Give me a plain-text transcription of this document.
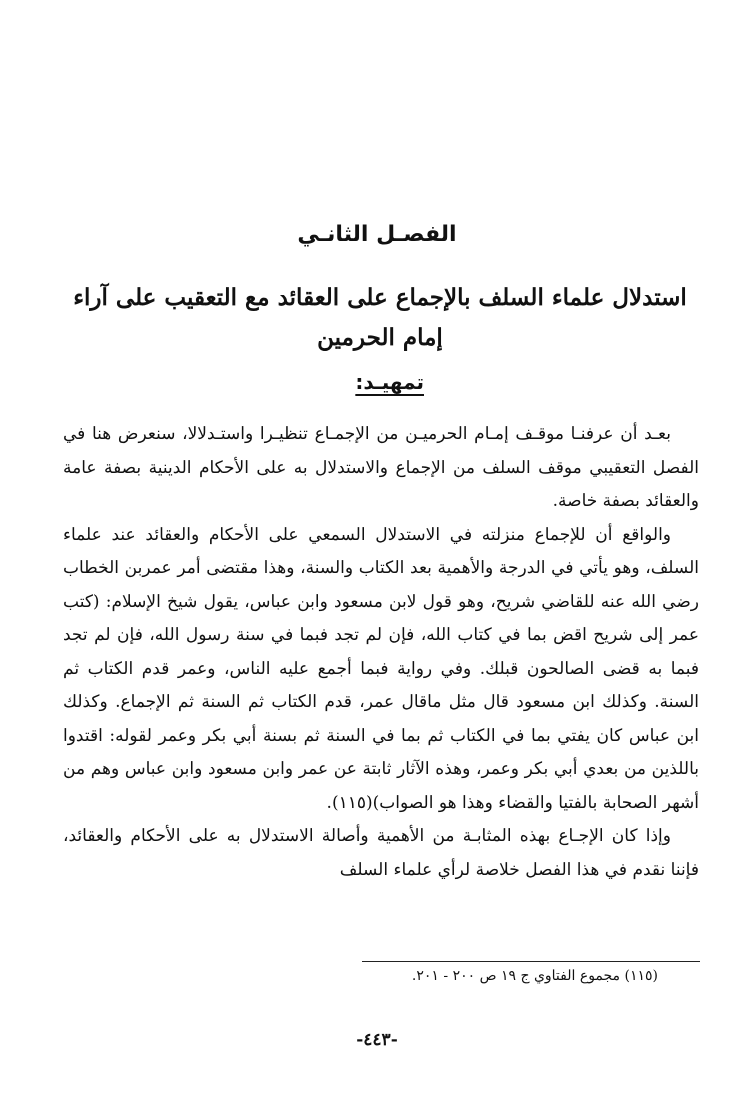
الفصـل الثانـي
استدلال علماء السلف بالإجماع على العقائد مع التعقيب على آراء إمام الحرمين
تمهيـد:

بعـد أن عرفنـا موقـف إمـام الحرميـن من الإجمـاع تنظيـرا واستـدلالا، سنعرض هنا في الفصل التعقيبي موقف السلف من الإجماع والاستدلال به على الأحكام الدينية بصفة عامة والعقائد بصفة خاصة.

والواقع أن للإجماع منزلته في الاستدلال السمعي على الأحكام والعقائد عند علماء السلف، وهو يأتي في الدرجة والأهمية بعد الكتاب والسنة، وهذا مقتضى أمر عمربن الخطاب رضي الله عنه للقاضي شريح، وهو قول لابن مسعود وابن عباس، يقول شيخ الإسلام: (كتب عمر إلى شريح اقض بما في كتاب الله، فإن لم تجد فبما في سنة رسول الله، فإن لم تجد فبما به قضى الصالحون قبلك. وفي رواية فبما أجمع عليه الناس، وعمر قدم الكتاب ثم السنة. وكذلك ابن مسعود قال مثل ماقال عمر، قدم الكتاب ثم السنة ثم الإجماع. وكذلك ابن عباس كان يفتي بما في الكتاب ثم بما في السنة ثم بسنة أبي بكر وعمر لقوله: اقتدوا باللذين من بعدي أبي بكر وعمر، وهذه الآثار ثابتة عن عمر وابن مسعود وابن عباس وهم من أشهر الصحابة بالفتيا والقضاء وهذا هو الصواب)(١١٥).

وإذا كان الإجـاع بهذه المثابـة من الأهمية وأصالة الاستدلال به على الأحكام والعقائد، فإننا نقدم في هذا الفصل خلاصة لرأي علماء السلف

(١١٥) مجموع الفتاوي ج ١٩ ص ٢٠٠ - ٢٠١.

-٤٤٣-
